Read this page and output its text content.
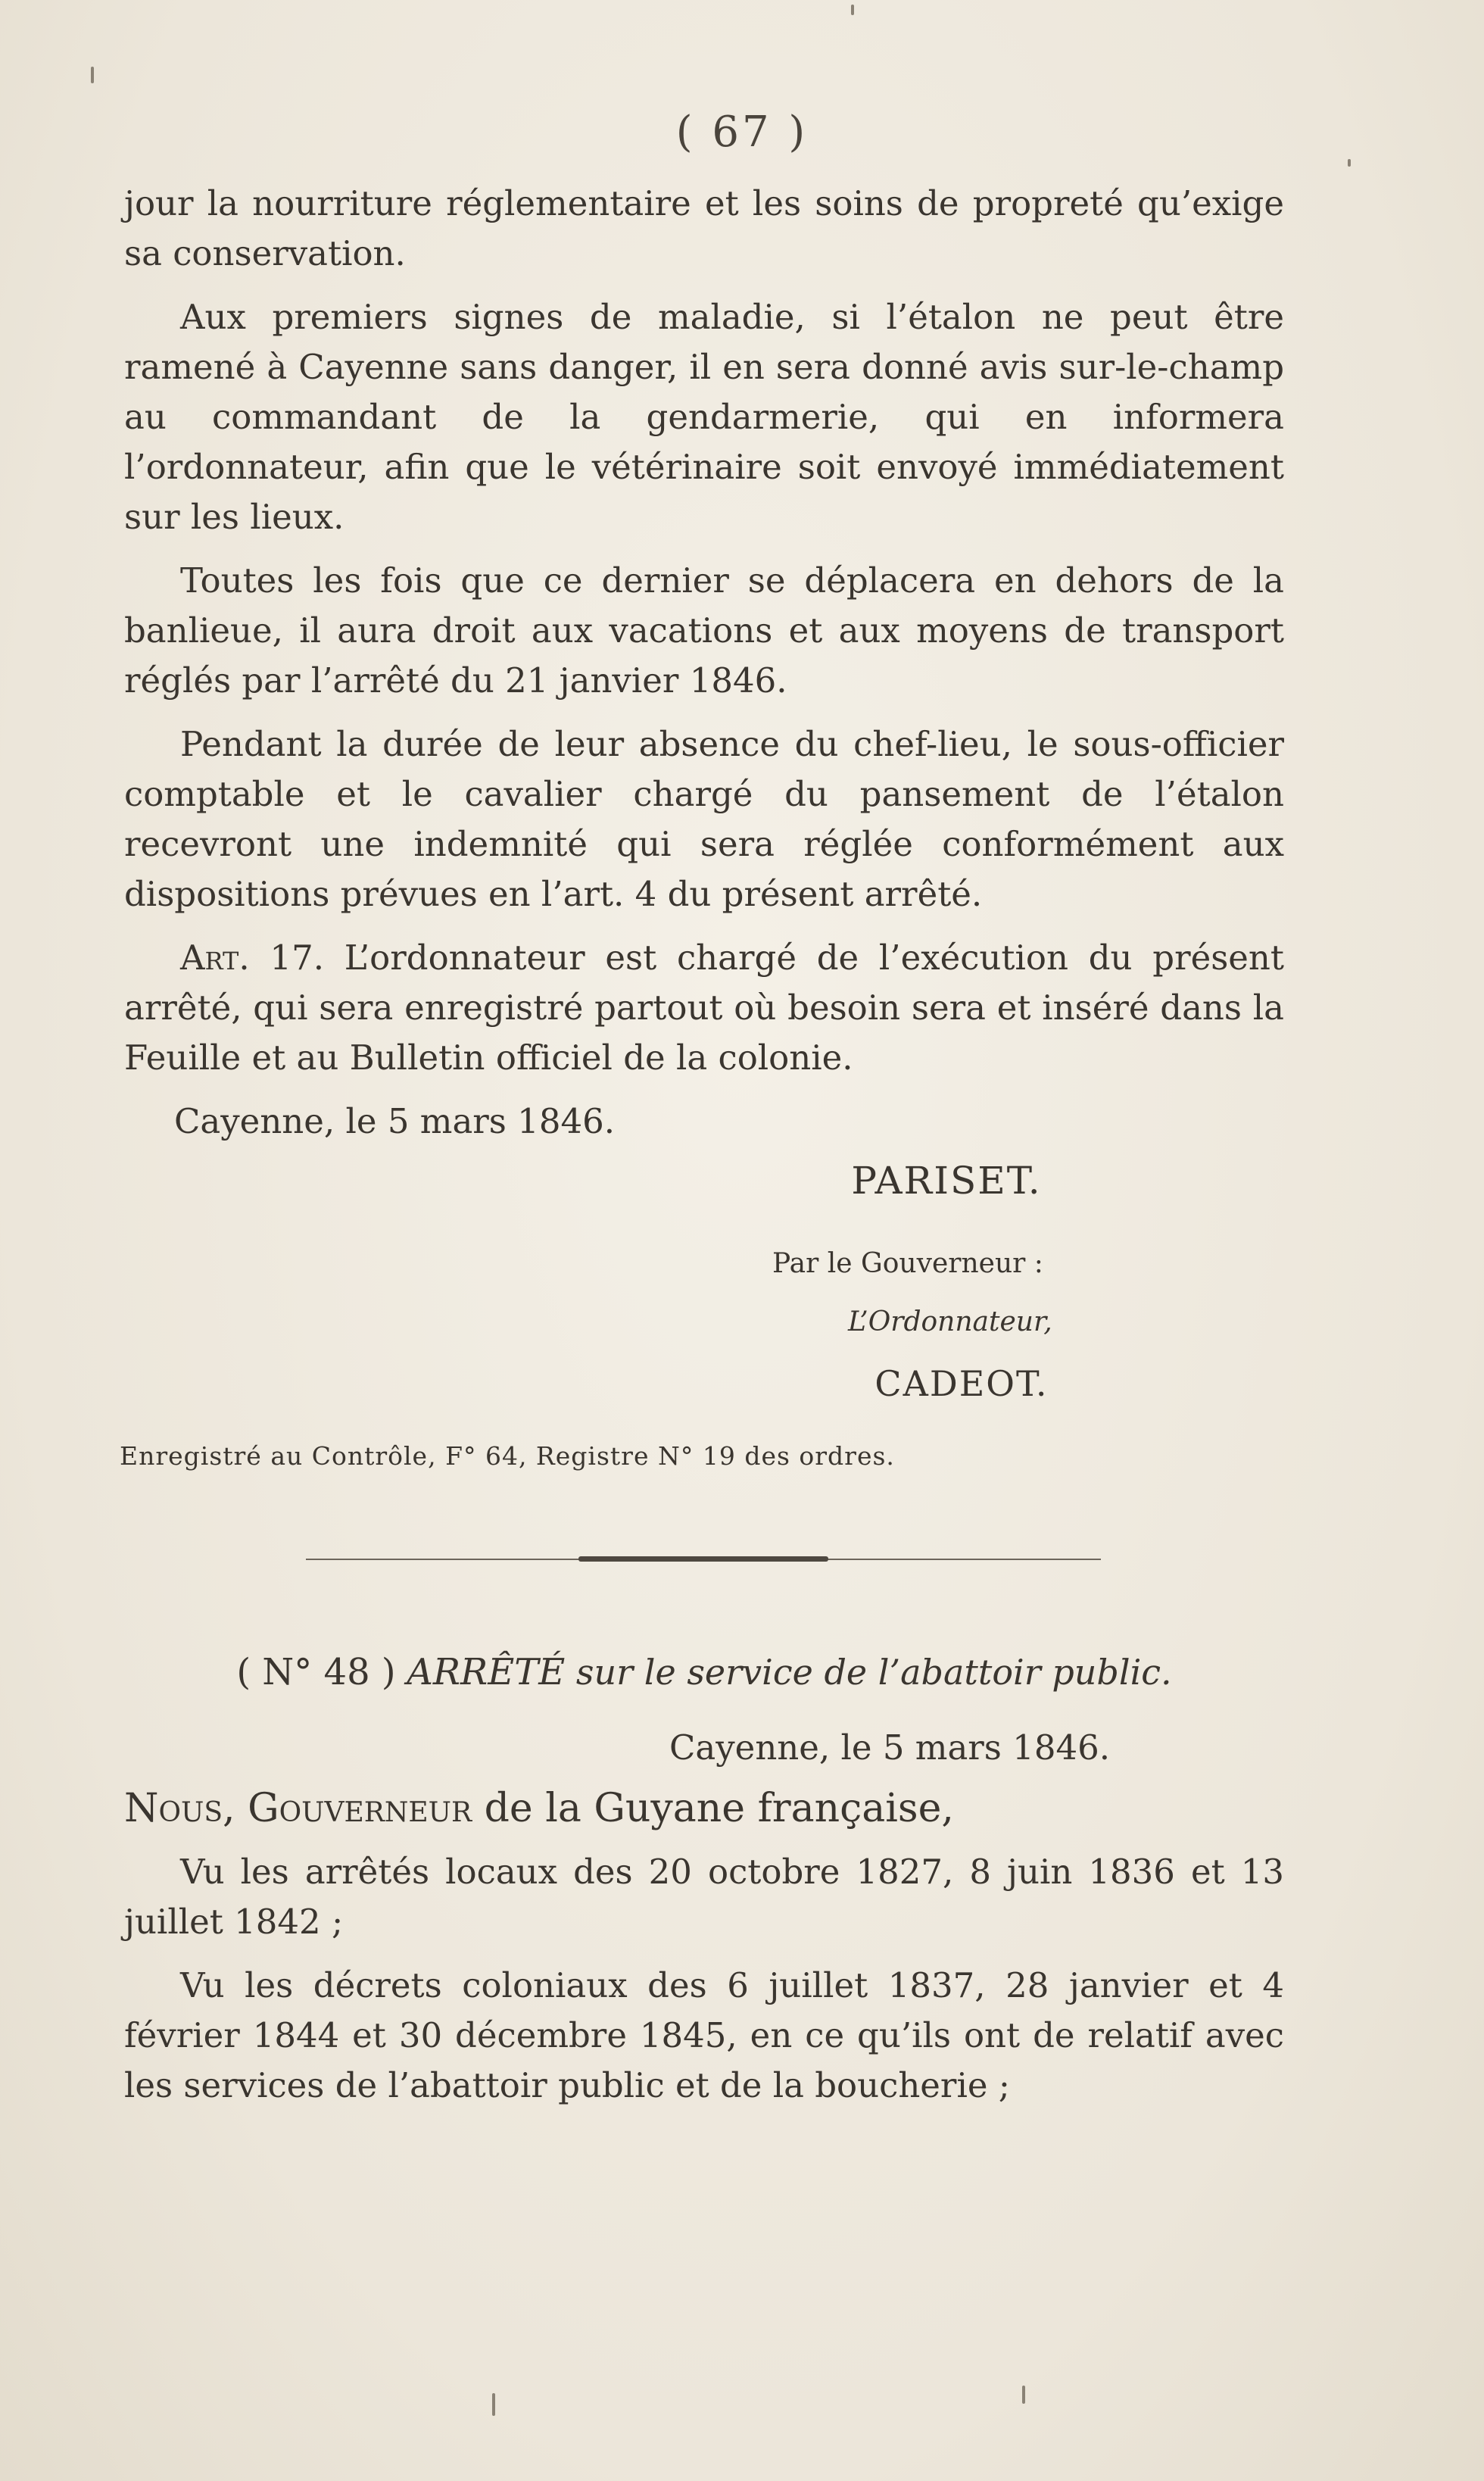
( 67 )

jour la nourriture réglementaire et les soins de propreté qu’exige sa conservation.

Aux premiers signes de maladie, si l’étalon ne peut être ramené à Cayenne sans danger, il en sera donné avis sur-le-champ au commandant de la gendarmerie, qui en informera l’ordonnateur, afin que le vétérinaire soit envoyé immédiatement sur les lieux.

Toutes les fois que ce dernier se déplacera en dehors de la banlieue, il aura droit aux vacations et aux moyens de transport réglés par l’arrêté du 21 janvier 1846.

Pendant la durée de leur absence du chef-lieu, le sous-officier comptable et le cavalier chargé du pansement de l’étalon recevront une indemnité qui sera réglée conformément aux dispositions prévues en l’art. 4 du présent arrêté.

Art. 17. L’ordonnateur est chargé de l’exécution du présent arrêté, qui sera enregistré partout où besoin sera et inséré dans la Feuille et au Bulletin officiel de la colonie.

Cayenne, le 5 mars 1846.
PARISET.
Par le Gouverneur :
L’Ordonnateur,
CADEOT.
Enregistré au Contrôle, F° 64, Registre N° 19 des ordres.
( N° 48 ) ARRÊTÉ sur le service de l’abattoir public.
Cayenne, le 5 mars 1846.

Nous, Gouverneur de la Guyane française,

Vu les arrêtés locaux des 20 octobre 1827, 8 juin 1836 et 13 juillet 1842 ;

Vu les décrets coloniaux des 6 juillet 1837, 28 janvier et 4 février 1844 et 30 décembre 1845, en ce qu’ils ont de relatif avec les services de l’abattoir public et de la boucherie ;
